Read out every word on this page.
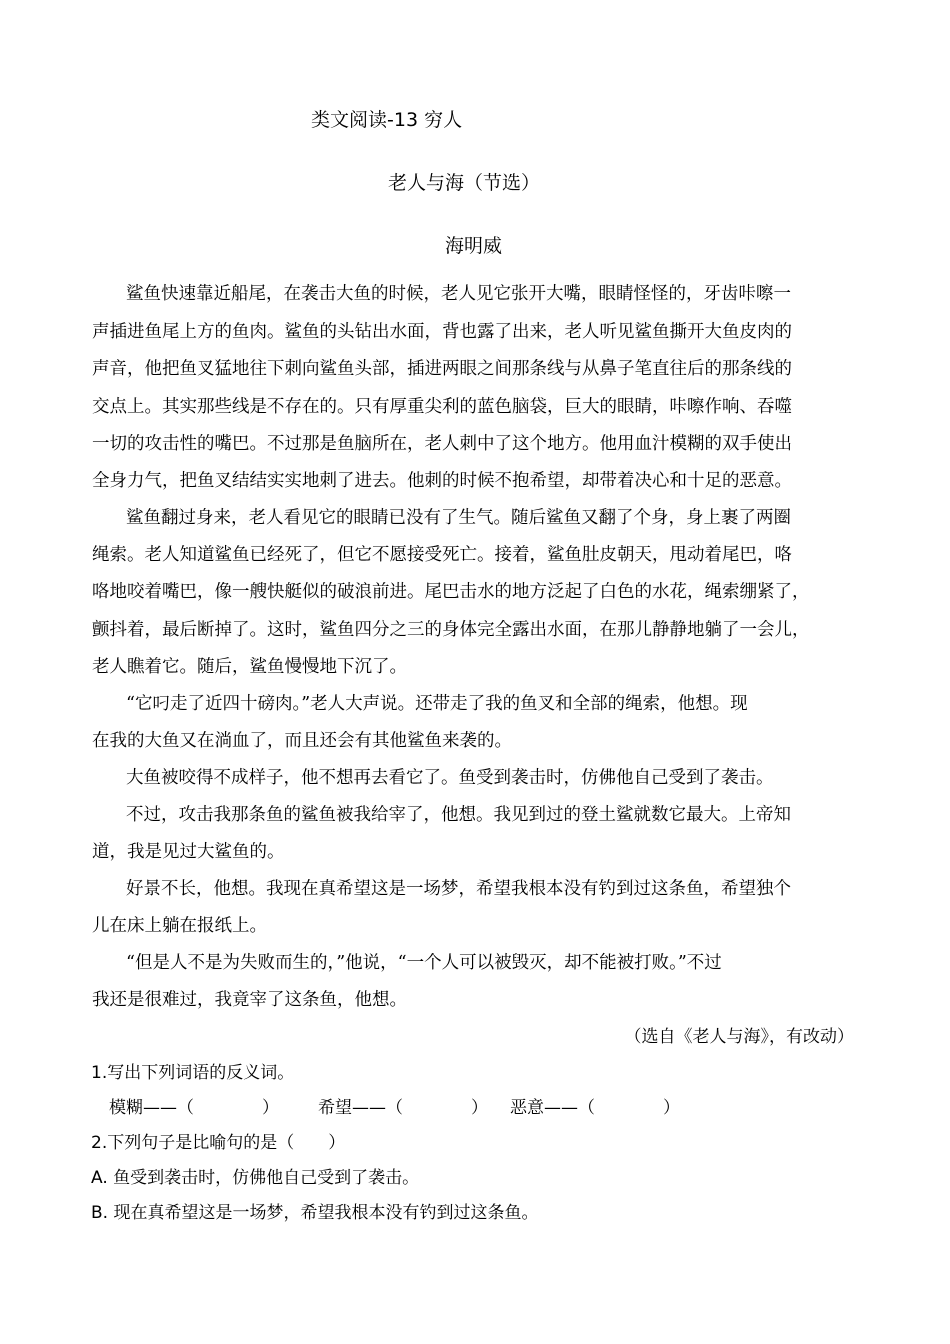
类文阅读-13 穷人
老人与海（节选）
海明威
鲨鱼快速靠近船尾，在袭击大鱼的时候，老人见它张开大嘴，眼睛怪怪的，牙齿咔嚓一
声插进鱼尾上方的鱼肉。鲨鱼的头钻出水面，背也露了出来，老人听见鲨鱼撕开大鱼皮肉的
声音，他把鱼叉猛地往下刺向鲨鱼头部，插进两眼之间那条线与从鼻子笔直往后的那条线的
交点上。其实那些线是不存在的。只有厚重尖利的蓝色脑袋，巨大的眼睛，咔嚓作响、吞噬
一切的攻击性的嘴巴。不过那是鱼脑所在，老人刺中了这个地方。他用血汁模糊的双手使出
全身力气，把鱼叉结结实实地刺了进去。他刺的时候不抱希望，却带着决心和十足的恶意。
鲨鱼翻过身来，老人看见它的眼睛已没有了生气。随后鲨鱼又翻了个身，身上裹了两圈
绳索。老人知道鲨鱼已经死了，但它不愿接受死亡。接着，鲨鱼肚皮朝天，甩动着尾巴，咯
咯地咬着嘴巴，像一艘快艇似的破浪前进。尾巴击水的地方泛起了白色的水花，绳索绷紧了，
颤抖着，最后断掉了。这时，鲨鱼四分之三的身体完全露出水面，在那儿静静地躺了一会儿，
老人瞧着它。随后，鲨鱼慢慢地下沉了。
“它叼走了近四十磅肉。”老人大声说。还带走了我的鱼叉和全部的绳索，他想。现
在我的大鱼又在淌血了，而且还会有其他鲨鱼来袭的。
大鱼被咬得不成样子，他不想再去看它了。鱼受到袭击时，仿佛他自己受到了袭击。
不过，攻击我那条鱼的鲨鱼被我给宰了，他想。我见到过的登土鲨就数它最大。上帝知
道，我是见过大鲨鱼的。
好景不长，他想。我现在真希望这是一场梦，希望我根本没有钓到过这条鱼，希望独个
儿在床上躺在报纸上。
“但是人不是为失败而生的，”他说，“一个人可以被毁灭，却不能被打败。”不过
我还是很难过，我竟宰了这条鱼，他想。
（选自《老人与海》，有改动）
1.写出下列词语的反义词。
模糊——（　　　　） 希望——（　　　　） 恶意——（　　　　）
2.下列句子是比喻句的是（　　）
A. 鱼受到袭击时，仿佛他自己受到了袭击。
B. 现在真希望这是一场梦，希望我根本没有钓到过这条鱼。
